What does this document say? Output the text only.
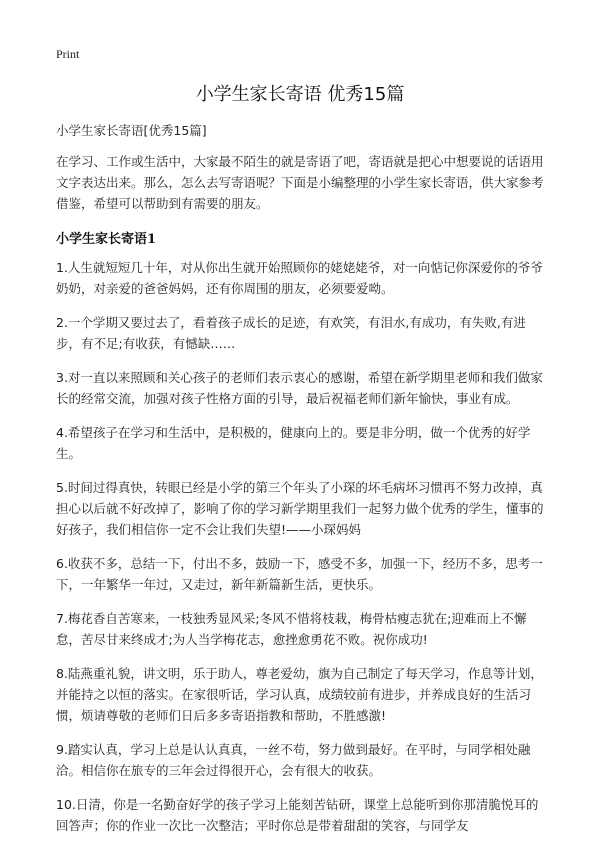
Print
小学生家长寄语 优秀15篇

小学生家长寄语[优秀15篇]

在学习、工作或生活中，大家最不陌生的就是寄语了吧，寄语就是把心中想要说的话语用文字表达出来。那么，怎么去写寄语呢？下面是小编整理的小学生家长寄语，供大家参考借鉴，希望可以帮助到有需要的朋友。

小学生家长寄语1

1.人生就短短几十年，对从你出生就开始照顾你的姥姥姥爷，对一向惦记你深爱你的爷爷奶奶，对亲爱的爸爸妈妈，还有你周围的朋友，必须要爱呦。

2.一个学期又要过去了，看着孩子成长的足迹，有欢笑，有泪水,有成功，有失败,有进步，有不足;有收获，有憾缺……

3.对一直以来照顾和关心孩子的老师们表示衷心的感谢，希望在新学期里老师和我们做家长的经常交流，加强对孩子性格方面的引导，最后祝福老师们新年愉快，事业有成。

4.希望孩子在学习和生活中，是积极的，健康向上的。要是非分明，做一个优秀的好学生。

5.时间过得真快，转眼已经是小学的第三个年头了小琛的坏毛病坏习惯再不努力改掉，真担心以后就不好改掉了，影响了你的学习新学期里我们一起努力做个优秀的学生，懂事的好孩子，我们相信你一定不会让我们失望!——小琛妈妈

6.收获不多，总结一下，付出不多，鼓励一下，感受不多，加强一下，经历不多，思考一下，一年繁华一年过，又走过，新年新篇新生活，更快乐。

7.梅花香自苦寒来，一枝独秀显风采;冬风不惜将枝栽，梅骨枯瘦志犹在;迎难而上不懈怠，苦尽甘来终成才;为人当学梅花志，愈挫愈勇花不败。祝你成功!

8.陆燕重礼貌，讲文明，乐于助人，尊老爱幼，旗为自己制定了每天学习，作息等计划，并能持之以恒的落实。在家很听话，学习认真，成绩较前有进步，并养成良好的生活习惯，烦请尊敬的老师们日后多多寄语指教和帮助，不胜感激!

9.踏实认真，学习上总是认认真真，一丝不苟，努力做到最好。在平时，与同学相处融洽。相信你在旅专的三年会过得很开心，会有很大的收获。

10.日清，你是一名勤奋好学的孩子学习上能刻苦钻研，课堂上总能听到你那清脆悦耳的回答声；你的作业一次比一次整洁；平时你总是带着甜甜的笑容，与同学友
